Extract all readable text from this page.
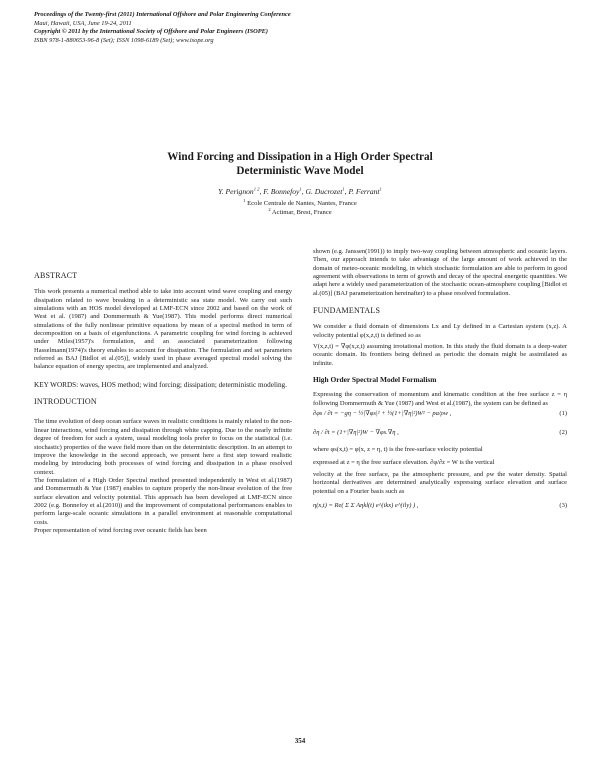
Proceedings of the Twenty-first (2011) International Offshore and Polar Engineering Conference
Maui, Hawaii, USA, June 19-24, 2011
Copyright © 2011 by the International Society of Offshore and Polar Engineers (ISOPE)
ISBN 978-1-880653-96-8 (Set); ISSN 1098-6189 (Set); www.isope.org
Wind Forcing and Dissipation in a High Order Spectral
Deterministic Wave Model
Y. Perignon$^{1 2}$, F. Bonnefoy$^1$, G. Ducrozet$^1$, P. Ferrant$^1$
$^1$ Ecole Centrale de Nantes, Nantes, France
$^2$ Actimar, Brest, France
ABSTRACT

This work presents a numerical method able to take into account wind wave coupling and energy dissipation related to wave breaking in a deterministic sea state model. We carry out such simulations with an HOS model developed at LMF-ECN since 2002 and based on the work of West et al. (1987) and Dommermuth & Yue(1987). This model performs direct numerical simulations of the fully nonlinear primitive equations by mean of a spectral method in term of decomposition on a basis of eigenfunctions. A parametric coupling for wind forcing is achieved under Miles(1957)'s formulation, and an associated parameterization following Hasselmann(1974)'s theory enables to account for dissipation. The formulation and set parameters referred as BAJ [Bidlot et al.(05)], widely used in phase averaged spectral model solving the balance equation of energy spectra, are implemented and analyzed.

KEY WORDS: waves, HOS method; wind forcing; dissipation; deterministic modeling.

INTRODUCTION

The time evolution of deep ocean surface waves in realistic conditions is mainly related to the non-linear interactions, wind forcing and dissipation through white capping. Due to the nearly infinite degree of freedom for such a system, usual modeling tools prefer to focus on the statistical (i.e. stochastic) properties of the wave field more than on the deterministic description. In an attempt to improve the knowledge in the second approach, we present here a first step toward realistic modeling by introducing both processes of wind forcing and dissipation in a phase resolved context.

The formulation of a High Order Spectral method presented independently in West et al.(1987) and Dommermuth & Yue (1987) enables to capture properly the non-linear evolution of the free surface elevation and velocity potential. This approach has been developed at LMF-ECN since 2002 (e.g. Bonnefoy et al.(2010)) and the improvement of computational performances enables to perform large-scale oceanic simulations in a parallel environment at reasonable computational costs.

Proper representation of wind forcing over oceanic fields has been

shown (e.g. Janssen(1991)) to imply two-way coupling between atmospheric and oceanic layers. Then, our approach intends to take advantage of the large amount of work achieved in the domain of meteo-oceanic modeling, in which stochastic formulation are able to perform in good agreement with observations in term of growth and decay of the spectral energetic quantities. We adapt here a widely used parameterization of the stochastic ocean-atmosphere coupling [Bidlot et al.(05)] (BAJ parameterization hereinafter) to a phase resolved formulation.

FUNDAMENTALS

We consider a fluid domain of dimensions Lx and Ly defined in a Cartesian system (x,z). A velocity potential φ(x,z,t) is defined so as

V(x,z,t) = ∇φ(x,z,t) assuming irrotational motion. In this study the fluid domain is a deep-water oceanic domain. Its frontiers being defined as periodic the domain might be assimilated as infinite.

High Order Spectral Model Formalism

Expressing the conservation of momentum and kinematic condition at the free surface z = η following Dommermuth & Yue (1987) and West et al.(1987), the system can be defined as

∂φs / ∂t = −gη − ½|∇φs|² + ½(1+|∇η|²)W² − pa/ρw ,	(1)
∂η / ∂t = (1+|∇η|²)W − ∇φs.∇η ,	(2)

where φs(x,t) = φ(x, z = η, t) is the free-surface velocity potential

expressed at z = η the free surface elevation. ∂φ/∂z = W is the vertical

velocity at the free surface, pa the atmospheric pressure, and ρw the water density. Spatial horizontal derivatives are determined analytically expressing surface elevation and surface potential on a Fourier basis such as

η(x,t) = Re( Σ Σ Aηkl(t) e^(ikx) e^(ily) ) ,	(3)
354
